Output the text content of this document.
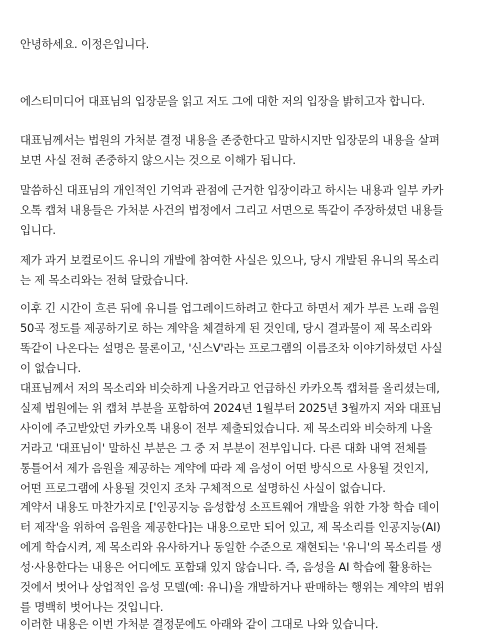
안녕하세요. 이정은입니다.

에스티미디어 대표님의 입장문을 읽고 저도 그에 대한 저의 입장을 밝히고자 합니다.

대표님께서는 법원의 가처분 결정 내용을 존중한다고 말하시지만 입장문의 내용을 살펴
보면 사실 전혀 존중하지 않으시는 것으로 이해가 됩니다.

말씀하신 대표님의 개인적인 기억과 관점에 근거한 입장이라고 하시는 내용과 일부 카카
오톡 캡쳐 내용들은 가처분 사건의 법정에서 그리고 서면으로 똑같이 주장하셨던 내용들
입니다.

제가 과거 보컬로이드 유니의 개발에 참여한 사실은 있으나, 당시 개발된 유니의 목소리
는 제 목소리와는 전혀 달랐습니다.

이후 긴 시간이 흐른 뒤에 유니를 업그레이드하려고 한다고 하면서 제가 부른 노래 음원
50곡 정도를 제공하기로 하는 계약을 체결하게 된 것인데, 당시 결과물이 제 목소리와
똑같이 나온다는 설명은 물론이고, '신스V'라는 프로그램의 이름조차 이야기하셨던 사실
이 없습니다.

대표님께서 저의 목소리와 비슷하게 나올거라고 언급하신 카카오톡 캡쳐를 올리셨는데,
실제 법원에는 위 캡쳐 부분을 포함하여 2024년 1월부터 2025년 3월까지 저와 대표님
사이에 주고받았던 카카오톡 내용이 전부 제출되었습니다. 제 목소리와 비슷하게 나올
거라고 '대표님이' 말하신 부분은 그 중 저 부분이 전부입니다. 다른 대화 내역 전체를
통틀어서 제가 음원을 제공하는 계약에 따라 제 음성이 어떤 방식으로 사용될 것인지,
어떤 프로그램에 사용될 것인지 조차 구체적으로 설명하신 사실이 없습니다.

계약서 내용도 마찬가지로 ['인공지능 음성합성 소프트웨어 개발을 위한 가창 학습 데이
터 제작'을 위하여 음원을 제공한다]는 내용으로만 되어 있고, 제 목소리를 인공지능(AI)
에게 학습시켜, 제 목소리와 유사하거나 동일한 수준으로 재현되는 '유니'의 목소리를 생
성·사용한다는 내용은 어디에도 포함돼 있지 않습니다. 즉, 음성을 AI 학습에 활용하는
것에서 벗어나 상업적인 음성 모델(예: 유니)을 개발하거나 판매하는 행위는 계약의 범위
를 명백히 벗어나는 것입니다.

이러한 내용은 이번 가처분 결정문에도 아래와 같이 그대로 나와 있습니다.
